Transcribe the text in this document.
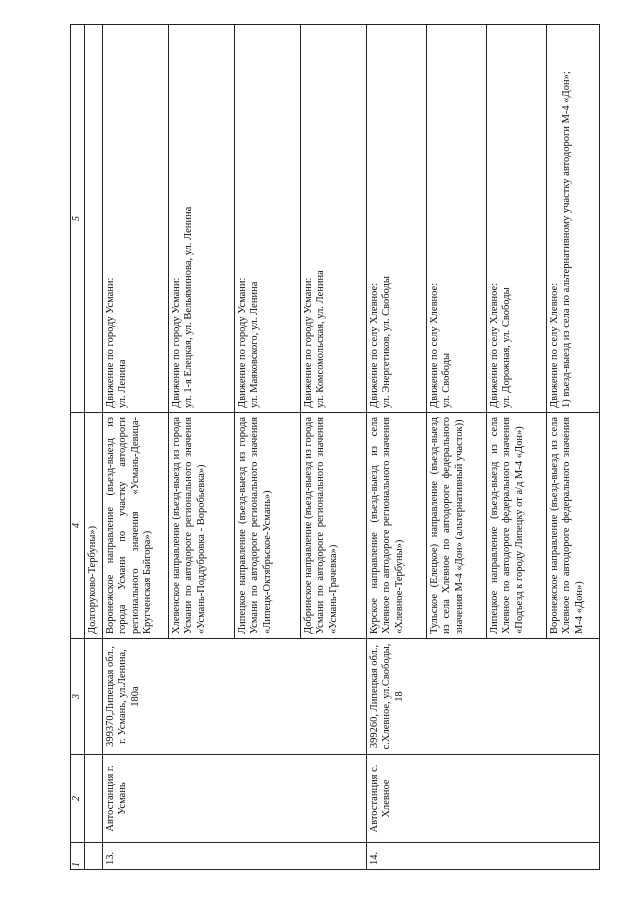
1	2	3	4	5
			Долгоруково-Тербуны»)	
13.	Автостанция г. Усмань	399370,Липецкая обл., г. Усмань, ул.Ленина, 180а	Воронежское направление (въезд-выезд из города Усмани по участку автодороги регионального значения «Усмань-Девица-Кругченская Байгора»)	Движение по городу Усмани: ул. Ленина

			Хлевенское направление (въезд-выезд из города Усмани по автодороге регионального значения «Усмань-Поддубровка - Воробьевка»)	Движение по городу Усмани: ул. 1-я Елецкая, ул. Вельяминова, ул. Ленина

			Липецкое направление (въезд-выезд из города Усмани по автодороге регионального значения «Липецк-Октябрьское-Усмань»)	Движение по городу Усмани: ул. Маяковского, ул. Ленина

			Добринское направление (въезд-выезд из города Усмани по автодороге регионального значения «Усмань-Грачевка»)	Движение по городу Усмани: ул. Комсомольская, ул. Ленина

14.	Автостанция с. Хлевное	399260, Липецкая обл., с.Хлевное, ул.Свободы, 18	Курское направление (въезд-выезд из села Хлевное по автодороге регионального значения «Хлевное-Тербуны»)	Движение по селу Хлевное: ул. Энергетиков, ул. Свободы

			Тульское (Елецкое) направление (въезд-выезд из села Хлевное по автодороге федерального значения М-4 «Дон» (альтернативный участок))	Движение по селу Хлевное: ул. Свободы

			Липецкое направление (въезд-выезд из села Хлевное по автодороге федерального значения «Подъезд к городу Липецку от а/д М-4 «Дон»)	Движение по селу Хлевное: ул. Дорожная, ул. Свободы

			Воронежское направление (въезд-выезд из села Хлевное по автодороге федерального значения М-4 «Дон»)	Движение по селу Хлевное: 1) въезд-выезд из села по альтернативному участку автодороги М-4 «Дон»;
